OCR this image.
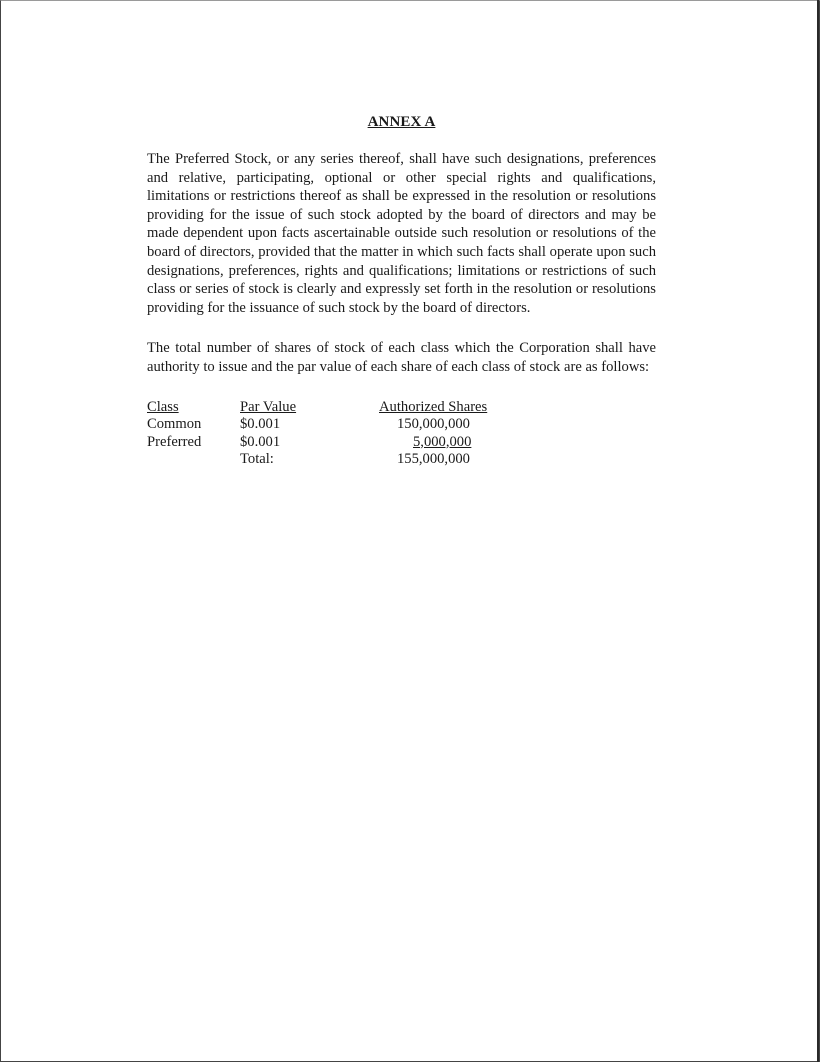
ANNEX A

The Preferred Stock, or any series thereof, shall have such designations, preferences and relative, participating, optional or other special rights and qualifications, limitations or restrictions thereof as shall be expressed in the resolution or resolutions providing for the issue of such stock adopted by the board of directors and may be made dependent upon facts ascertainable outside such resolution or resolutions of the board of directors, provided that the matter in which such facts shall operate upon such designations, preferences, rights and qualifications; limitations or restrictions of such class or series of stock is clearly and expressly set forth in the resolution or resolutions providing for the issuance of such stock by the board of directors.

The total number of shares of stock of each class which the Corporation shall have authority to issue and the par value of each share of each class of stock are as follows:

Class	Par Value	Authorized Shares
Common	$0.001	150,000,000
Preferred	$0.001	5,000,000
	Total:	155,000,000
